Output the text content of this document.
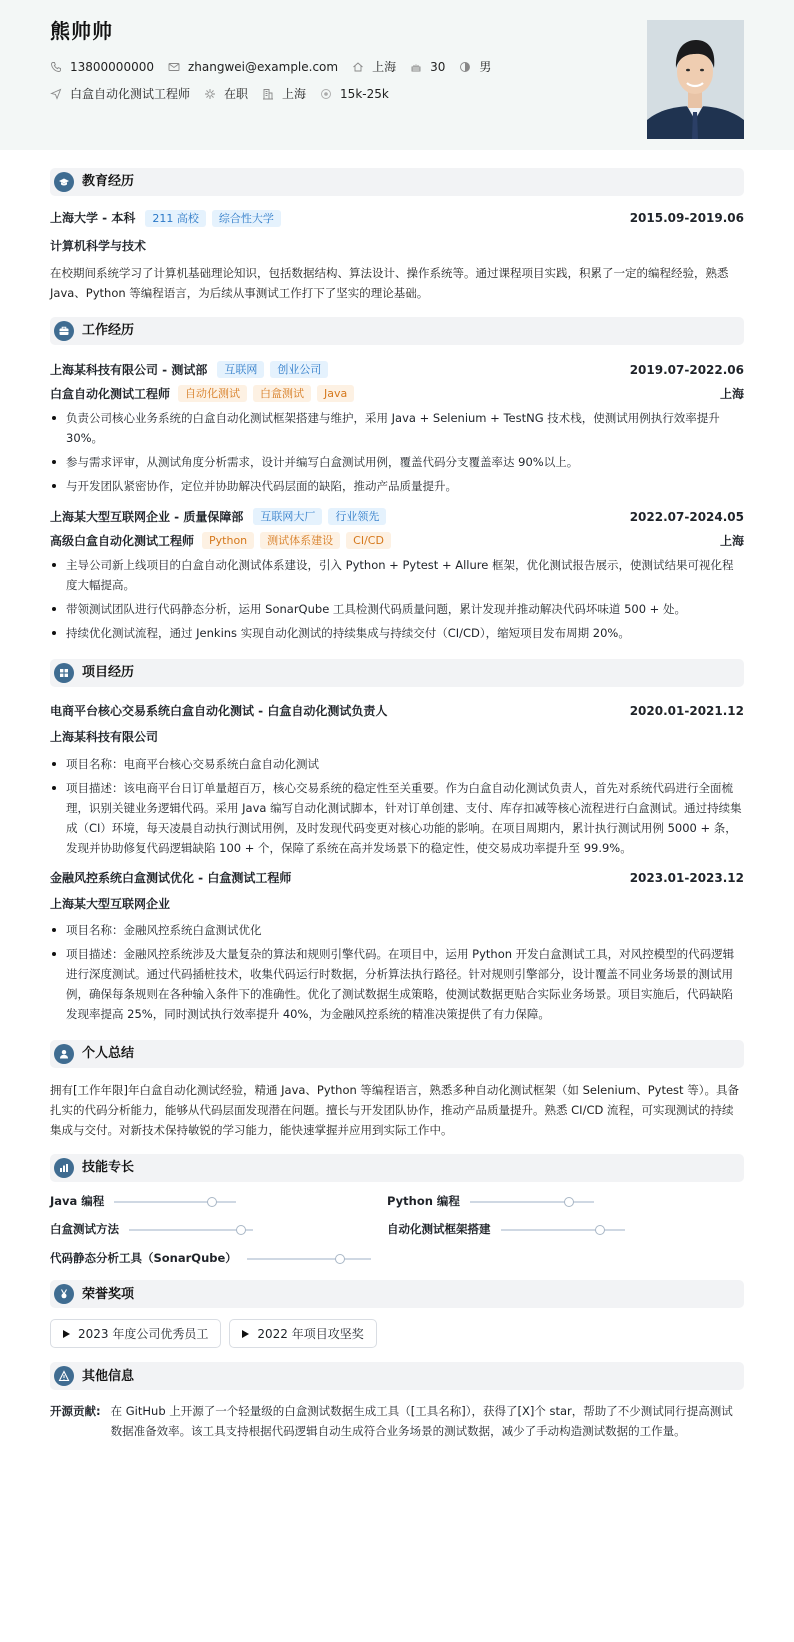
熊帅帅
13800000000	zhangwei@example.com	上海	30	男
白盒自动化测试工程师	在职	上海	15k-25k
教育经历
上海大学 - 本科	211 高校	综合性大学	2015.09-2019.06
计算机科学与技术
在校期间系统学习了计算机基础理论知识，包括数据结构、算法设计、操作系统等。通过课程项目实践，积累了一定的编程经验，熟悉 Java、Python 等编程语言，为后续从事测试工作打下了坚实的理论基础。
工作经历
上海某科技有限公司 - 测试部	互联网	创业公司	2019.07-2022.06
白盒自动化测试工程师	自动化测试	白盒测试	Java	上海
负责公司核心业务系统的白盒自动化测试框架搭建与维护，采用 Java + Selenium + TestNG 技术栈，使测试用例执行效率提升 30%。
参与需求评审，从测试角度分析需求，设计并编写白盒测试用例，覆盖代码分支覆盖率达 90%以上。
与开发团队紧密协作，定位并协助解决代码层面的缺陷，推动产品质量提升。
上海某大型互联网企业 - 质量保障部	互联网大厂	行业领先	2022.07-2024.05
高级白盒自动化测试工程师	Python	测试体系建设	CI/CD	上海
主导公司新上线项目的白盒自动化测试体系建设，引入 Python + Pytest + Allure 框架，优化测试报告展示，使测试结果可视化程度大幅提高。
带领测试团队进行代码静态分析，运用 SonarQube 工具检测代码质量问题，累计发现并推动解决代码坏味道 500 + 处。
持续优化测试流程，通过 Jenkins 实现自动化测试的持续集成与持续交付（CI/CD），缩短项目发布周期 20%。
项目经历
电商平台核心交易系统白盒自动化测试 - 白盒自动化测试负责人	2020.01-2021.12
上海某科技有限公司
项目名称：电商平台核心交易系统白盒自动化测试
项目描述：该电商平台日订单量超百万，核心交易系统的稳定性至关重要。作为白盒自动化测试负责人，首先对系统代码进行全面梳理，识别关键业务逻辑代码。采用 Java 编写自动化测试脚本，针对订单创建、支付、库存扣减等核心流程进行白盒测试。通过持续集成（CI）环境，每天凌晨自动执行测试用例，及时发现代码变更对核心功能的影响。在项目周期内，累计执行测试用例 5000 + 条，发现并协助修复代码逻辑缺陷 100 + 个，保障了系统在高并发场景下的稳定性，使交易成功率提升至 99.9%。
金融风控系统白盒测试优化 - 白盒测试工程师	2023.01-2023.12
上海某大型互联网企业
项目名称：金融风控系统白盒测试优化
项目描述：金融风控系统涉及大量复杂的算法和规则引擎代码。在项目中，运用 Python 开发白盒测试工具，对风控模型的代码逻辑进行深度测试。通过代码插桩技术，收集代码运行时数据，分析算法执行路径。针对规则引擎部分，设计覆盖不同业务场景的测试用例，确保每条规则在各种输入条件下的准确性。优化了测试数据生成策略，使测试数据更贴合实际业务场景。项目实施后，代码缺陷发现率提高 25%，同时测试执行效率提升 40%，为金融风控系统的精准决策提供了有力保障。
个人总结
拥有[工作年限]年白盒自动化测试经验，精通 Java、Python 等编程语言，熟悉多种自动化测试框架（如 Selenium、Pytest 等）。具备扎实的代码分析能力，能够从代码层面发现潜在问题。擅长与开发团队协作，推动产品质量提升。熟悉 CI/CD 流程，可实现测试的持续集成与交付。对新技术保持敏锐的学习能力，能快速掌握并应用到实际工作中。
技能专长
Java 编程	Python 编程
白盒测试方法	自动化测试框架搭建
代码静态分析工具（SonarQube）
荣誉奖项
2023 年度公司优秀员工	2022 年项目攻坚奖
其他信息
开源贡献: 在 GitHub 上开源了一个轻量级的白盒测试数据生成工具（[工具名称]），获得了[X]个 star，帮助了不少测试同行提高测试数据准备效率。该工具支持根据代码逻辑自动生成符合业务场景的测试数据，减少了手动构造测试数据的工作量。
